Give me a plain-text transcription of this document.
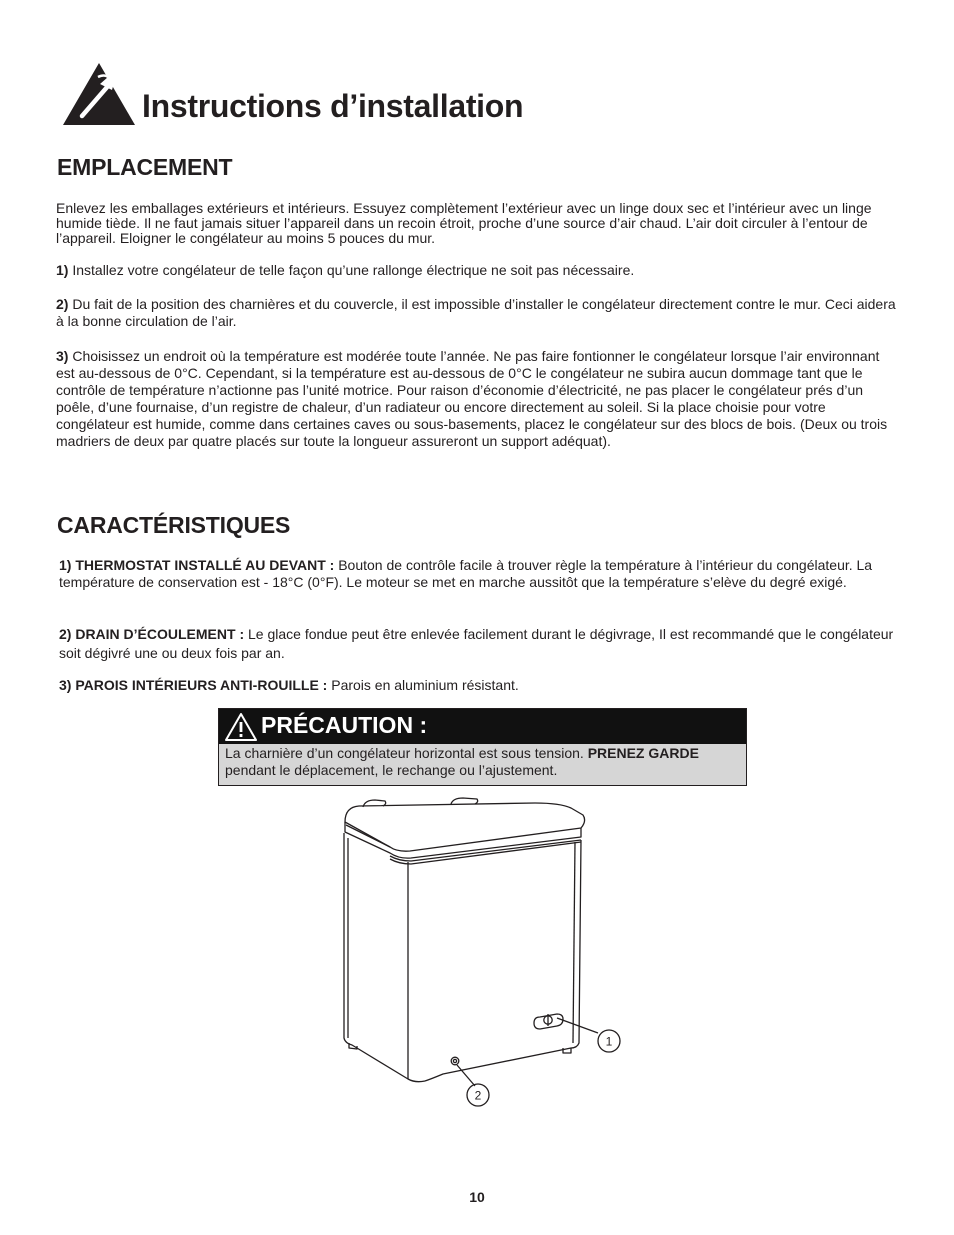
Instructions d’installation
EMPLACEMENT

Enlevez les emballages extérieurs et intérieurs. Essuyez complètement l’extérieur avec un linge doux sec et l’intérieur avec un linge humide tiède. Il ne faut jamais situer l’appareil dans un recoin étroit, proche d’une source d’air chaud. L’air doit circuler à l’entour de l’appareil. Eloigner le congélateur au moins 5 pouces du mur.

1) Installez votre congélateur de telle façon qu’une rallonge électrique ne soit pas nécessaire.

2) Du fait de la position des charnières et du couvercle, il est impossible d’installer le congélateur directement contre le mur. Ceci aidera à la bonne circulation de l’air.

3) Choisissez un endroit où la température est modérée toute l’année. Ne pas faire fontionner le congélateur lorsque l’air environnant est au-dessous de 0°C. Cependant, si la température est au-dessous de 0°C le congélateur ne subira aucun dommage tant que le contrôle de température n’actionne pas l’unité motrice. Pour raison d’économie d’électricité, ne pas placer le congélateur prés d’un poêle, d’une fournaise, d’un registre de chaleur, d’un radiateur ou encore directement au soleil. Si la place choisie pour votre congélateur est humide, comme dans certaines caves ou sous-basements, placez le congélateur sur des blocs de bois. (Deux ou trois madriers de deux par quatre placés sur toute la longueur assureront un support adéquat).

CARACTÉRISTIQUES

1) THERMOSTAT INSTALLÉ AU DEVANT : Bouton de contrôle facile à trouver règle la température à l’intérieur du congélateur. La température de conservation est - 18°C (0°F). Le moteur se met en marche aussitôt que la température s’elève du degré exigé.

2) DRAIN D’ÉCOULEMENT : Le glace fondue peut être enlevée facilement durant le dégivrage, Il est recommandé que le congélateur soit dégivré une ou deux fois par an.

3) PAROIS INTÉRIEURS ANTI-ROUILLE : Parois en aluminium résistant.

PRÉCAUTION :

La charnière d’un congélateur horizontal est sous tension. PRENEZ GARDE pendant le déplacement, le rechange ou l’ajustement.

1
2
10
